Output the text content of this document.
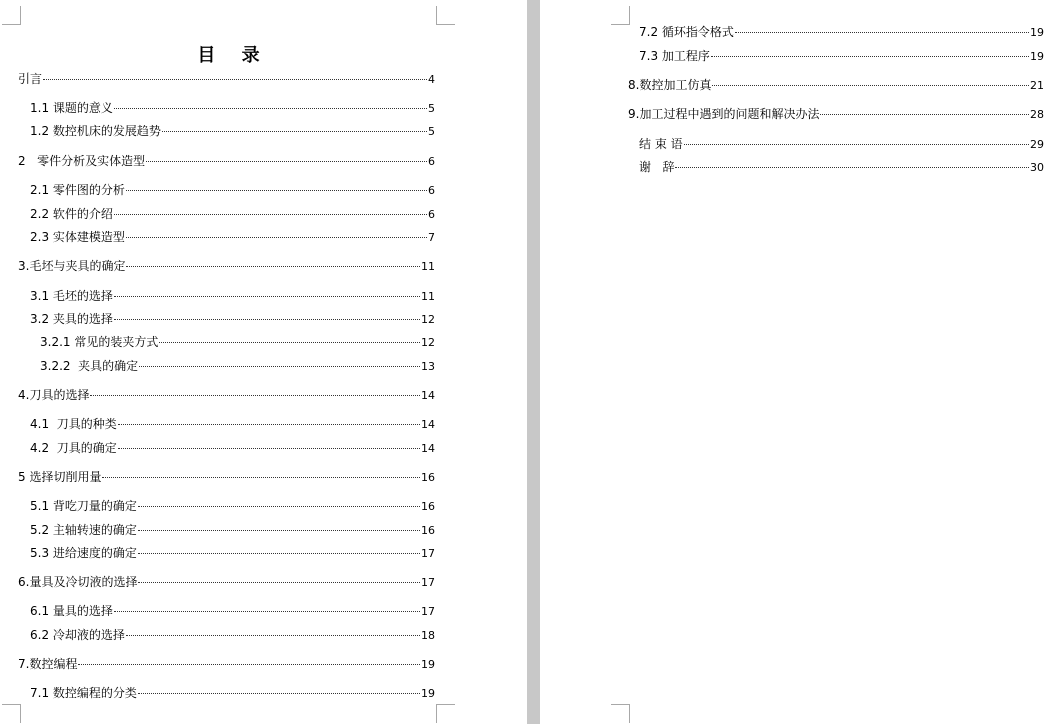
目 录
引言	4
1.1 课题的意义	5
1.2 数控机床的发展趋势	5
2   零件分析及实体造型	6
2.1 零件图的分析	6
2.2 软件的介绍	6
2.3 实体建模造型	7
3.毛坯与夹具的确定	11
3.1 毛坯的选择	11
3.2 夹具的选择	12
3.2.1 常见的装夹方式	12
3.2.2  夹具的确定	13
4.刀具的选择	14
4.1  刀具的种类	14
4.2  刀具的确定	14
5 选择切削用量	16
5.1 背吃刀量的确定	16
5.2 主轴转速的确定	16
5.3 进给速度的确定	17
6.量具及冷切液的选择	17
6.1 量具的选择	17
6.2 冷却液的选择	18
7.数控编程	19
7.1 数控编程的分类	19
7.2 循环指令格式	19
7.3 加工程序	19
8.数控加工仿真	21
9.加工过程中遇到的问题和解决办法	28
结 束 语	29
谢   辞	30
